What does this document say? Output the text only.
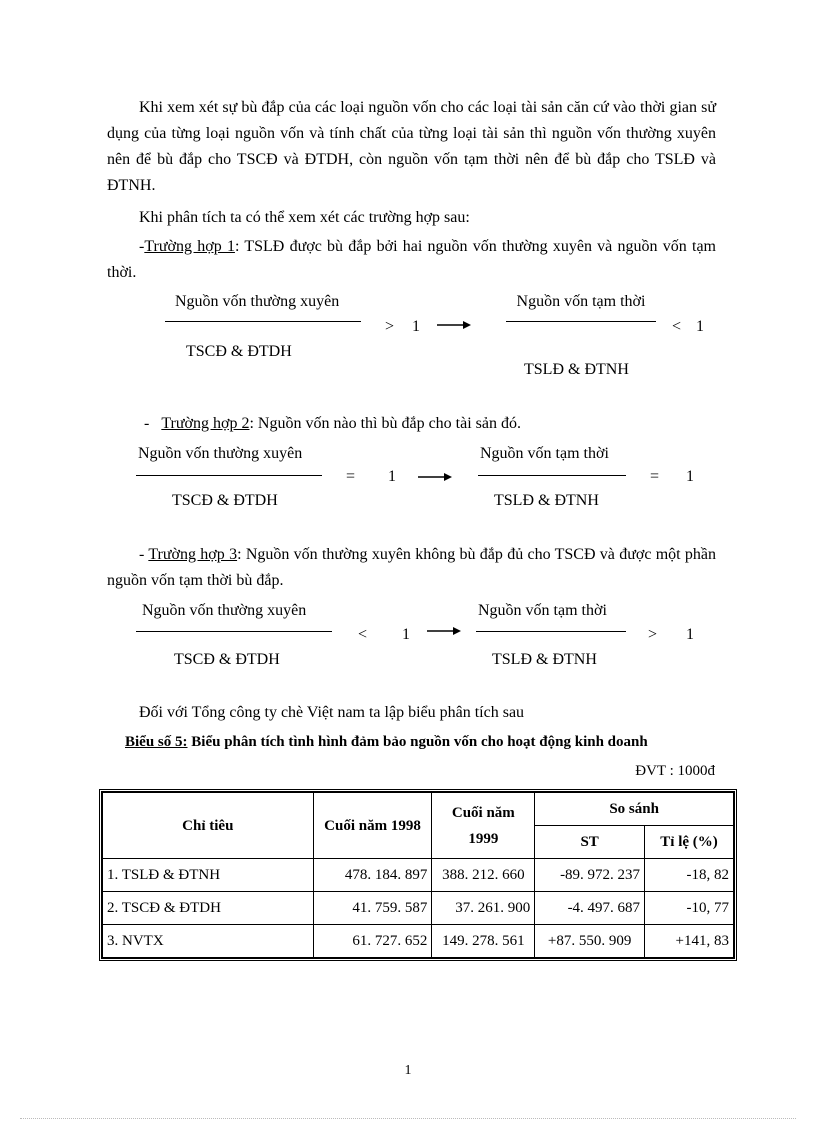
Khi xem xét sự bù đắp của các loại nguồn vốn cho các loại tài sản căn cứ vào thời gian sử dụng của từng loại nguồn vốn và tính chất của từng loại tài sản thì nguồn vốn thường xuyên nên để bù đắp cho TSCĐ và ĐTDH, còn nguồn vốn tạm thời nên để bù đắp cho TSLĐ và ĐTNH.
Khi phân tích ta có thể xem xét các trường hợp sau:
-Trường hợp 1: TSLĐ được bù đắp bởi hai nguồn vốn thường xuyên và nguồn vốn tạm thời.
Nguồn vốn thường xuyên
TSCĐ & ĐTDH
> 1
Nguồn vốn tạm thời
TSLĐ & ĐTNH
< 1
- Trường hợp 2: Nguồn vốn nào thì bù đắp cho tài sản đó.
Nguồn vốn thường xuyên
TSCĐ & ĐTDH
= 1
Nguồn vốn tạm thời
TSLĐ & ĐTNH
= 1
- Trường hợp 3: Nguồn vốn thường xuyên không bù đắp đủ cho TSCĐ và được một phần nguồn vốn tạm thời bù đắp.
Nguồn vốn thường xuyên
TSCĐ & ĐTDH
< 1
Nguồn vốn tạm thời
TSLĐ & ĐTNH
> 1
Đối với Tổng công ty chè Việt nam ta lập biểu phân tích sau
Biểu số 5: Biểu phân tích tình hình đảm bảo nguồn vốn cho hoạt động kinh doanh
ĐVT : 1000đ
Chỉ tiêu	Cuối năm 1998	Cuối năm 1999	So sánh	
			ST	Tỉ lệ (%)
1. TSLĐ & ĐTNH	478. 184. 897	388. 212. 660	-89. 972. 237	-18, 82
2. TSCĐ & ĐTDH	41. 759. 587	37. 261. 900	-4. 497. 687	-10, 77
3. NVTX	61. 727. 652	149. 278. 561	+87. 550. 909	+141, 83
1
